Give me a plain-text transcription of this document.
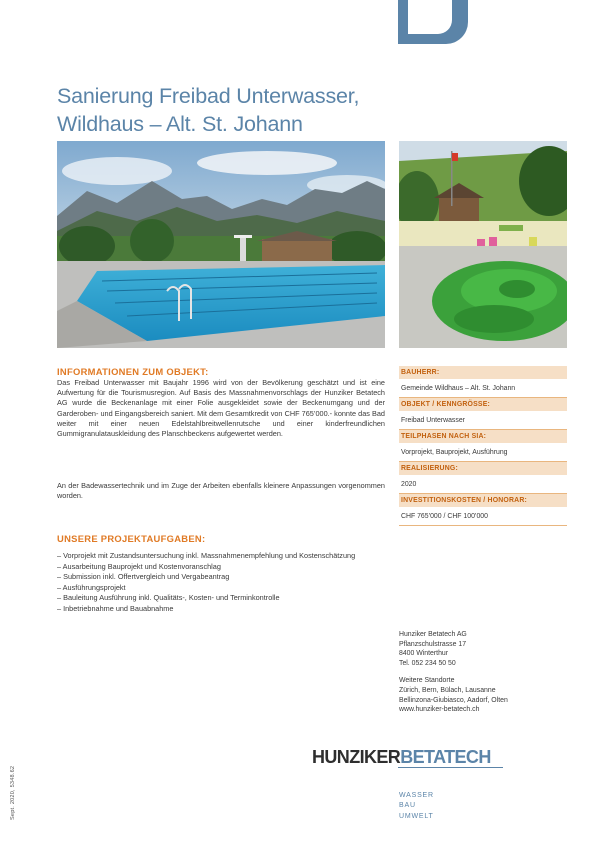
Sanierung Freibad Unterwasser,
Wildhaus – Alt. St. Johann
INFORMATIONEN ZUM OBJEKT:
Das Freibad Unterwasser mit Baujahr 1996 wird von der Bevölkerung geschätzt und ist eine Aufwertung für die Tourismusregion. Auf Basis des Massnahmenvorschlags der Hunziker Betatech AG wurde die Beckenanlage mit einer Folie ausgekleidet sowie der Beckenumgang und der Garderoben- und Eingangsbereich saniert. Mit dem Gesamtkredit von CHF 765’000.- konnte das Bad weiter mit einer neuen Edelstahlbreitwellenrutsche und einer kinderfreundlichen Gummigranulatauskleidung des Planschbeckens aufgewertet werden.
An der Badewassertechnik und im Zuge der Arbeiten ebenfalls kleinere Anpassungen vorgenommen worden.
UNSERE PROJEKTAUFGABEN:
– Vorprojekt mit Zustandsuntersuchung inkl. Massnahmenempfehlung und Kostenschätzung
– Ausarbeitung Bauprojekt und Kostenvoranschlag
– Submission inkl. Offertvergleich und Vergabeantrag
– Ausführungsprojekt
– Bauleitung Ausführung inkl. Qualitäts-, Kosten- und Terminkontrolle
– Inbetriebnahme und Bauabnahme
BAUHERR:
Gemeinde Wildhaus – Alt. St. Johann
OBJEKT / KENNGRÖSSE:
Freibad Unterwasser
TEILPHASEN NACH SIA:
Vorprojekt, Bauprojekt, Ausführung
REALISIERUNG:
2020
INVESTITIONSKOSTEN / HONORAR:
CHF 765’000 / CHF 100’000
Hunziker Betatech AG
Pflanzschulstrasse 17
8400 Winterthur
Tel. 052 234 50 50
Weitere Standorte
Zürich, Bern, Bülach, Lausanne
Bellinzona-Giubiasco, Aadorf, Olten
www.hunziker-betatech.ch
HUNZIKERBETATECH
WASSER
BAU
UMWELT
Sept. 2020, 5348.62
